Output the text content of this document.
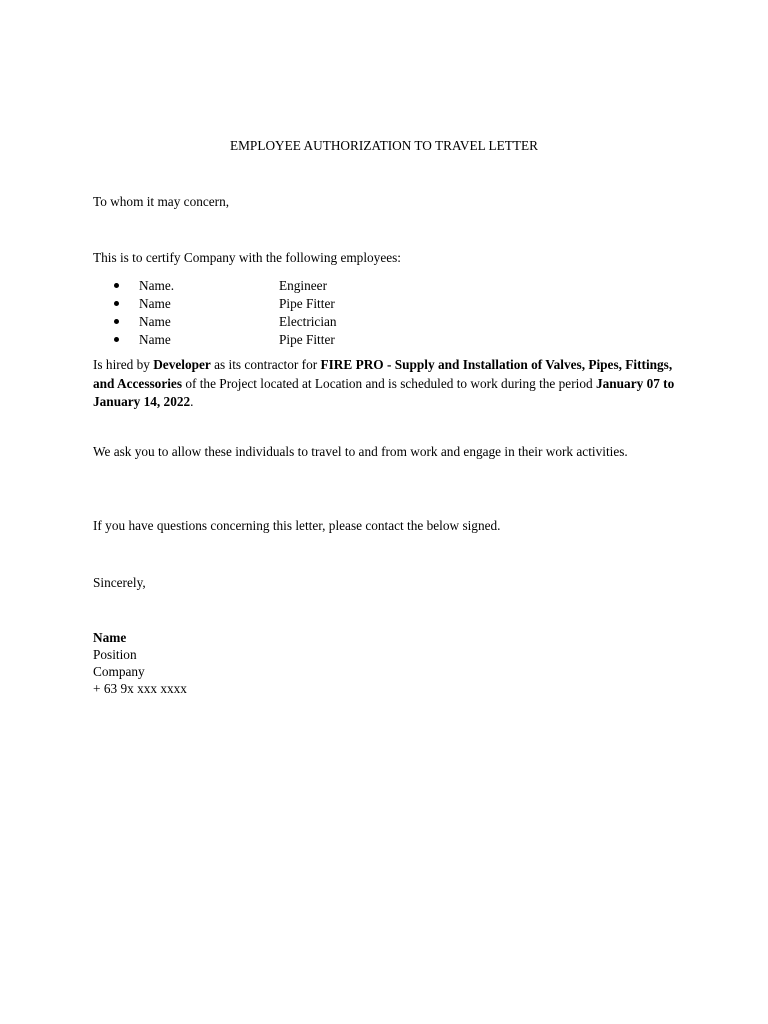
EMPLOYEE AUTHORIZATION TO TRAVEL LETTER
To whom it may concern,
This is to certify Company with the following employees:
Name.	Engineer
Name	Pipe Fitter
Name	Electrician
Name	Pipe Fitter
Is hired by Developer as its contractor for FIRE PRO - Supply and Installation of Valves, Pipes, Fittings, and Accessories of the Project located at Location and is scheduled to work during the period January 07 to January 14, 2022.
We ask you to allow these individuals to travel to and from work and engage in their work activities.
If you have questions concerning this letter, please contact the below signed.
Sincerely,
Name
Position
Company
+ 63 9x xxx xxxx
